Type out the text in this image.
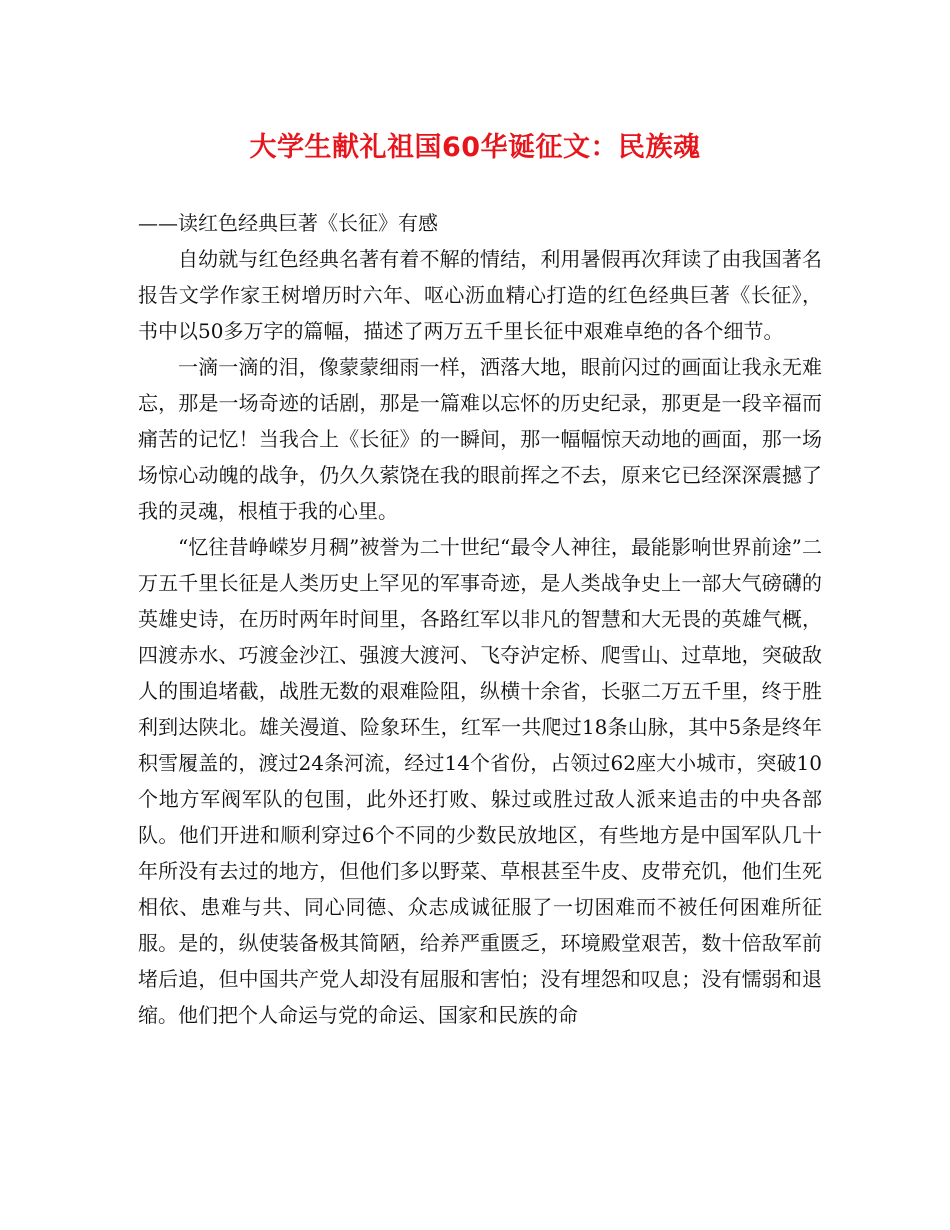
大学生献礼祖国60华诞征文：民族魂

——读红色经典巨著《长征》有感

自幼就与红色经典名著有着不解的情结，利用暑假再次拜读了由我国著名报告文学作家王树增历时六年、呕心沥血精心打造的红色经典巨著《长征》，书中以50多万字的篇幅，描述了两万五千里长征中艰难卓绝的各个细节。

一滴一滴的泪，像蒙蒙细雨一样，洒落大地，眼前闪过的画面让我永无难忘，那是一场奇迹的话剧，那是一篇难以忘怀的历史纪录，那更是一段辛福而痛苦的记忆！当我合上《长征》的一瞬间，那一幅幅惊天动地的画面，那一场场惊心动魄的战争，仍久久萦饶在我的眼前挥之不去，原来它已经深深震撼了我的灵魂，根植于我的心里。

“忆往昔峥嵘岁月稠”被誉为二十世纪“最令人神往，最能影响世界前途”二万五千里长征是人类历史上罕见的军事奇迹，是人类战争史上一部大气磅礴的英雄史诗，在历时两年时间里，各路红军以非凡的智慧和大无畏的英雄气概，四渡赤水、巧渡金沙江、强渡大渡河、飞夺泸定桥、爬雪山、过草地，突破敌人的围追堵截，战胜无数的艰难险阻，纵横十余省，长驱二万五千里，终于胜利到达陕北。雄关漫道、险象环生，红军一共爬过18条山脉，其中5条是终年积雪履盖的，渡过24条河流，经过14个省份，占领过62座大小城市，突破10个地方军阀军队的包围，此外还打败、躲过或胜过敌人派来追击的中央各部队。他们开进和顺利穿过6个不同的少数民放地区，有些地方是中国军队几十年所没有去过的地方，但他们多以野菜、草根甚至牛皮、皮带充饥，他们生死相依、患难与共、同心同德、众志成诚征服了一切困难而不被任何困难所征服。是的，纵使装备极其简陋，给养严重匮乏，环境殿堂艰苦，数十倍敌军前堵后追，但中国共产党人却没有屈服和害怕；没有埋怨和叹息；没有懦弱和退缩。他们把个人命运与党的命运、国家和民族的命
